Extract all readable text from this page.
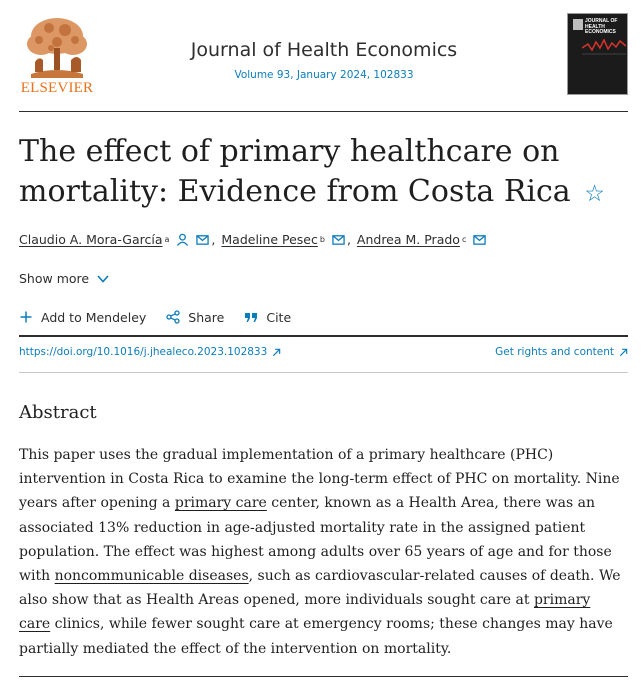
ELSEVIER
Journal of Health Economics
Volume 93, January 2024, 102833
JOURNAL OF HEALTH ECONOMICS
The effect of primary healthcare on mortality: Evidence from Costa Rica ☆
Claudio A. Mora-García a	, Madeline Pesec b , Andrea M. Prado c
Show more
Add to Mendeley	Share	Cite
https://doi.org/10.1016/j.jhealeco.2023.102833	Get rights and content
Abstract

This paper uses the gradual implementation of a primary healthcare (PHC) intervention in Costa Rica to examine the long-term effect of PHC on mortality. Nine years after opening a primary care center, known as a Health Area, there was an associated 13% reduction in age-adjusted mortality rate in the assigned patient population. The effect was highest among adults over 65 years of age and for those with noncommunicable diseases, such as cardiovascular-related causes of death. We also show that as Health Areas opened, more individuals sought care at primary care clinics, while fewer sought care at emergency rooms; these changes may have partially mediated the effect of the intervention on mortality.
